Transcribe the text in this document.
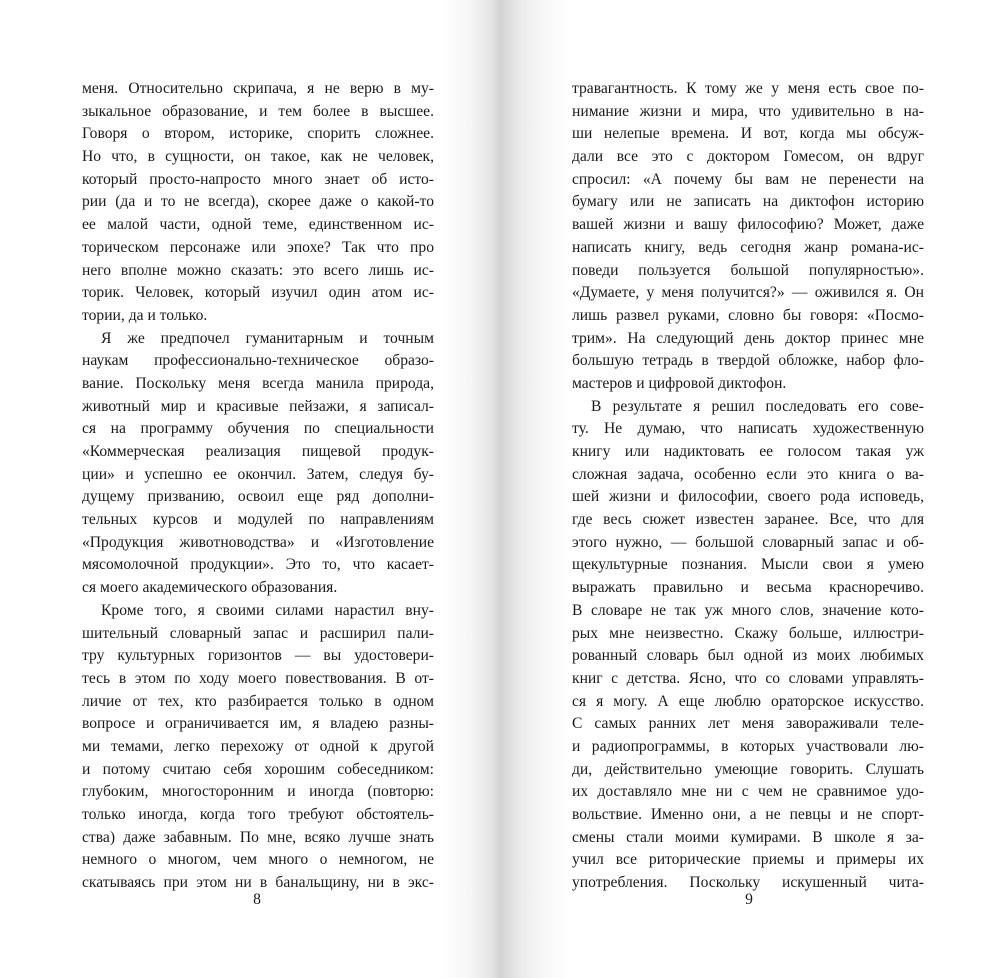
меня. Относительно скрипача, я не верю в му-
зыкальное образование, и тем более в высшее.
Говоря о втором, историке, спорить сложнее.
Но что, в сущности, он такое, как не человек,
который просто-напросто много знает об исто-
рии (да и то не всегда), скорее даже о какой-то
ее малой части, одной теме, единственном ис-
торическом персонаже или эпохе? Так что про
него вполне можно сказать: это всего лишь ис-
торик. Человек, который изучил один атом ис-
тории, да и только.
Я же предпочел гуманитарным и точным
наукам профессионально-техническое образо-
вание. Поскольку меня всегда манила природа,
животный мир и красивые пейзажи, я записал-
ся на программу обучения по специальности
«Коммерческая реализация пищевой продук-
ции» и успешно ее окончил. Затем, следуя бу-
дущему призванию, освоил еще ряд дополни-
тельных курсов и модулей по направлениям
«Продукция животноводства» и «Изготовление
мясомолочной продукции». Это то, что касает-
ся моего академического образования.
Кроме того, я своими силами нарастил вну-
шительный словарный запас и расширил пали-
тру культурных горизонтов — вы удостовери-
тесь в этом по ходу моего повествования. В от-
личие от тех, кто разбирается только в одном
вопросе и ограничивается им, я владею разны-
ми темами, легко перехожу от одной к другой
и потому считаю себя хорошим собеседником:
глубоким, многосторонним и иногда (повторю:
только иногда, когда того требуют обстоятель-
ства) даже забавным. По мне, всяко лучше знать
немного о многом, чем много о немногом, не
скатываясь при этом ни в банальщину, ни в экс-
8
травагантность. К тому же у меня есть свое по-
нимание жизни и мира, что удивительно в на-
ши нелепые времена. И вот, когда мы обсуж-
дали все это с доктором Гомесом, он вдруг
спросил: «А почему бы вам не перенести на
бумагу или не записать на диктофон историю
вашей жизни и вашу философию? Может, даже
написать книгу, ведь сегодня жанр романа-ис-
поведи пользуется большой популярностью».
«Думаете, у меня получится?» — оживился я. Он
лишь развел руками, словно бы говоря: «Посмо-
трим». На следующий день доктор принес мне
большую тетрадь в твердой обложке, набор фло-
мастеров и цифровой диктофон.
В результате я решил последовать его сове-
ту. Не думаю, что написать художественную
книгу или надиктовать ее голосом такая уж
сложная задача, особенно если это книга о ва-
шей жизни и философии, своего рода исповедь,
где весь сюжет известен заранее. Все, что для
этого нужно, — большой словарный запас и об-
щекультурные познания. Мысли свои я умею
выражать правильно и весьма красноречиво.
В словаре не так уж много слов, значение кото-
рых мне неизвестно. Скажу больше, иллюстри-
рованный словарь был одной из моих любимых
книг с детства. Ясно, что со словами управлять-
ся я могу. А еще люблю ораторское искусство.
С самых ранних лет меня завораживали теле-
и радиопрограммы, в которых участвовали лю-
ди, действительно умеющие говорить. Слушать
их доставляло мне ни с чем не сравнимое удо-
вольствие. Именно они, а не певцы и не спорт-
смены стали моими кумирами. В школе я за-
учил все риторические приемы и примеры их
употребления. Поскольку искушенный чита-
9
